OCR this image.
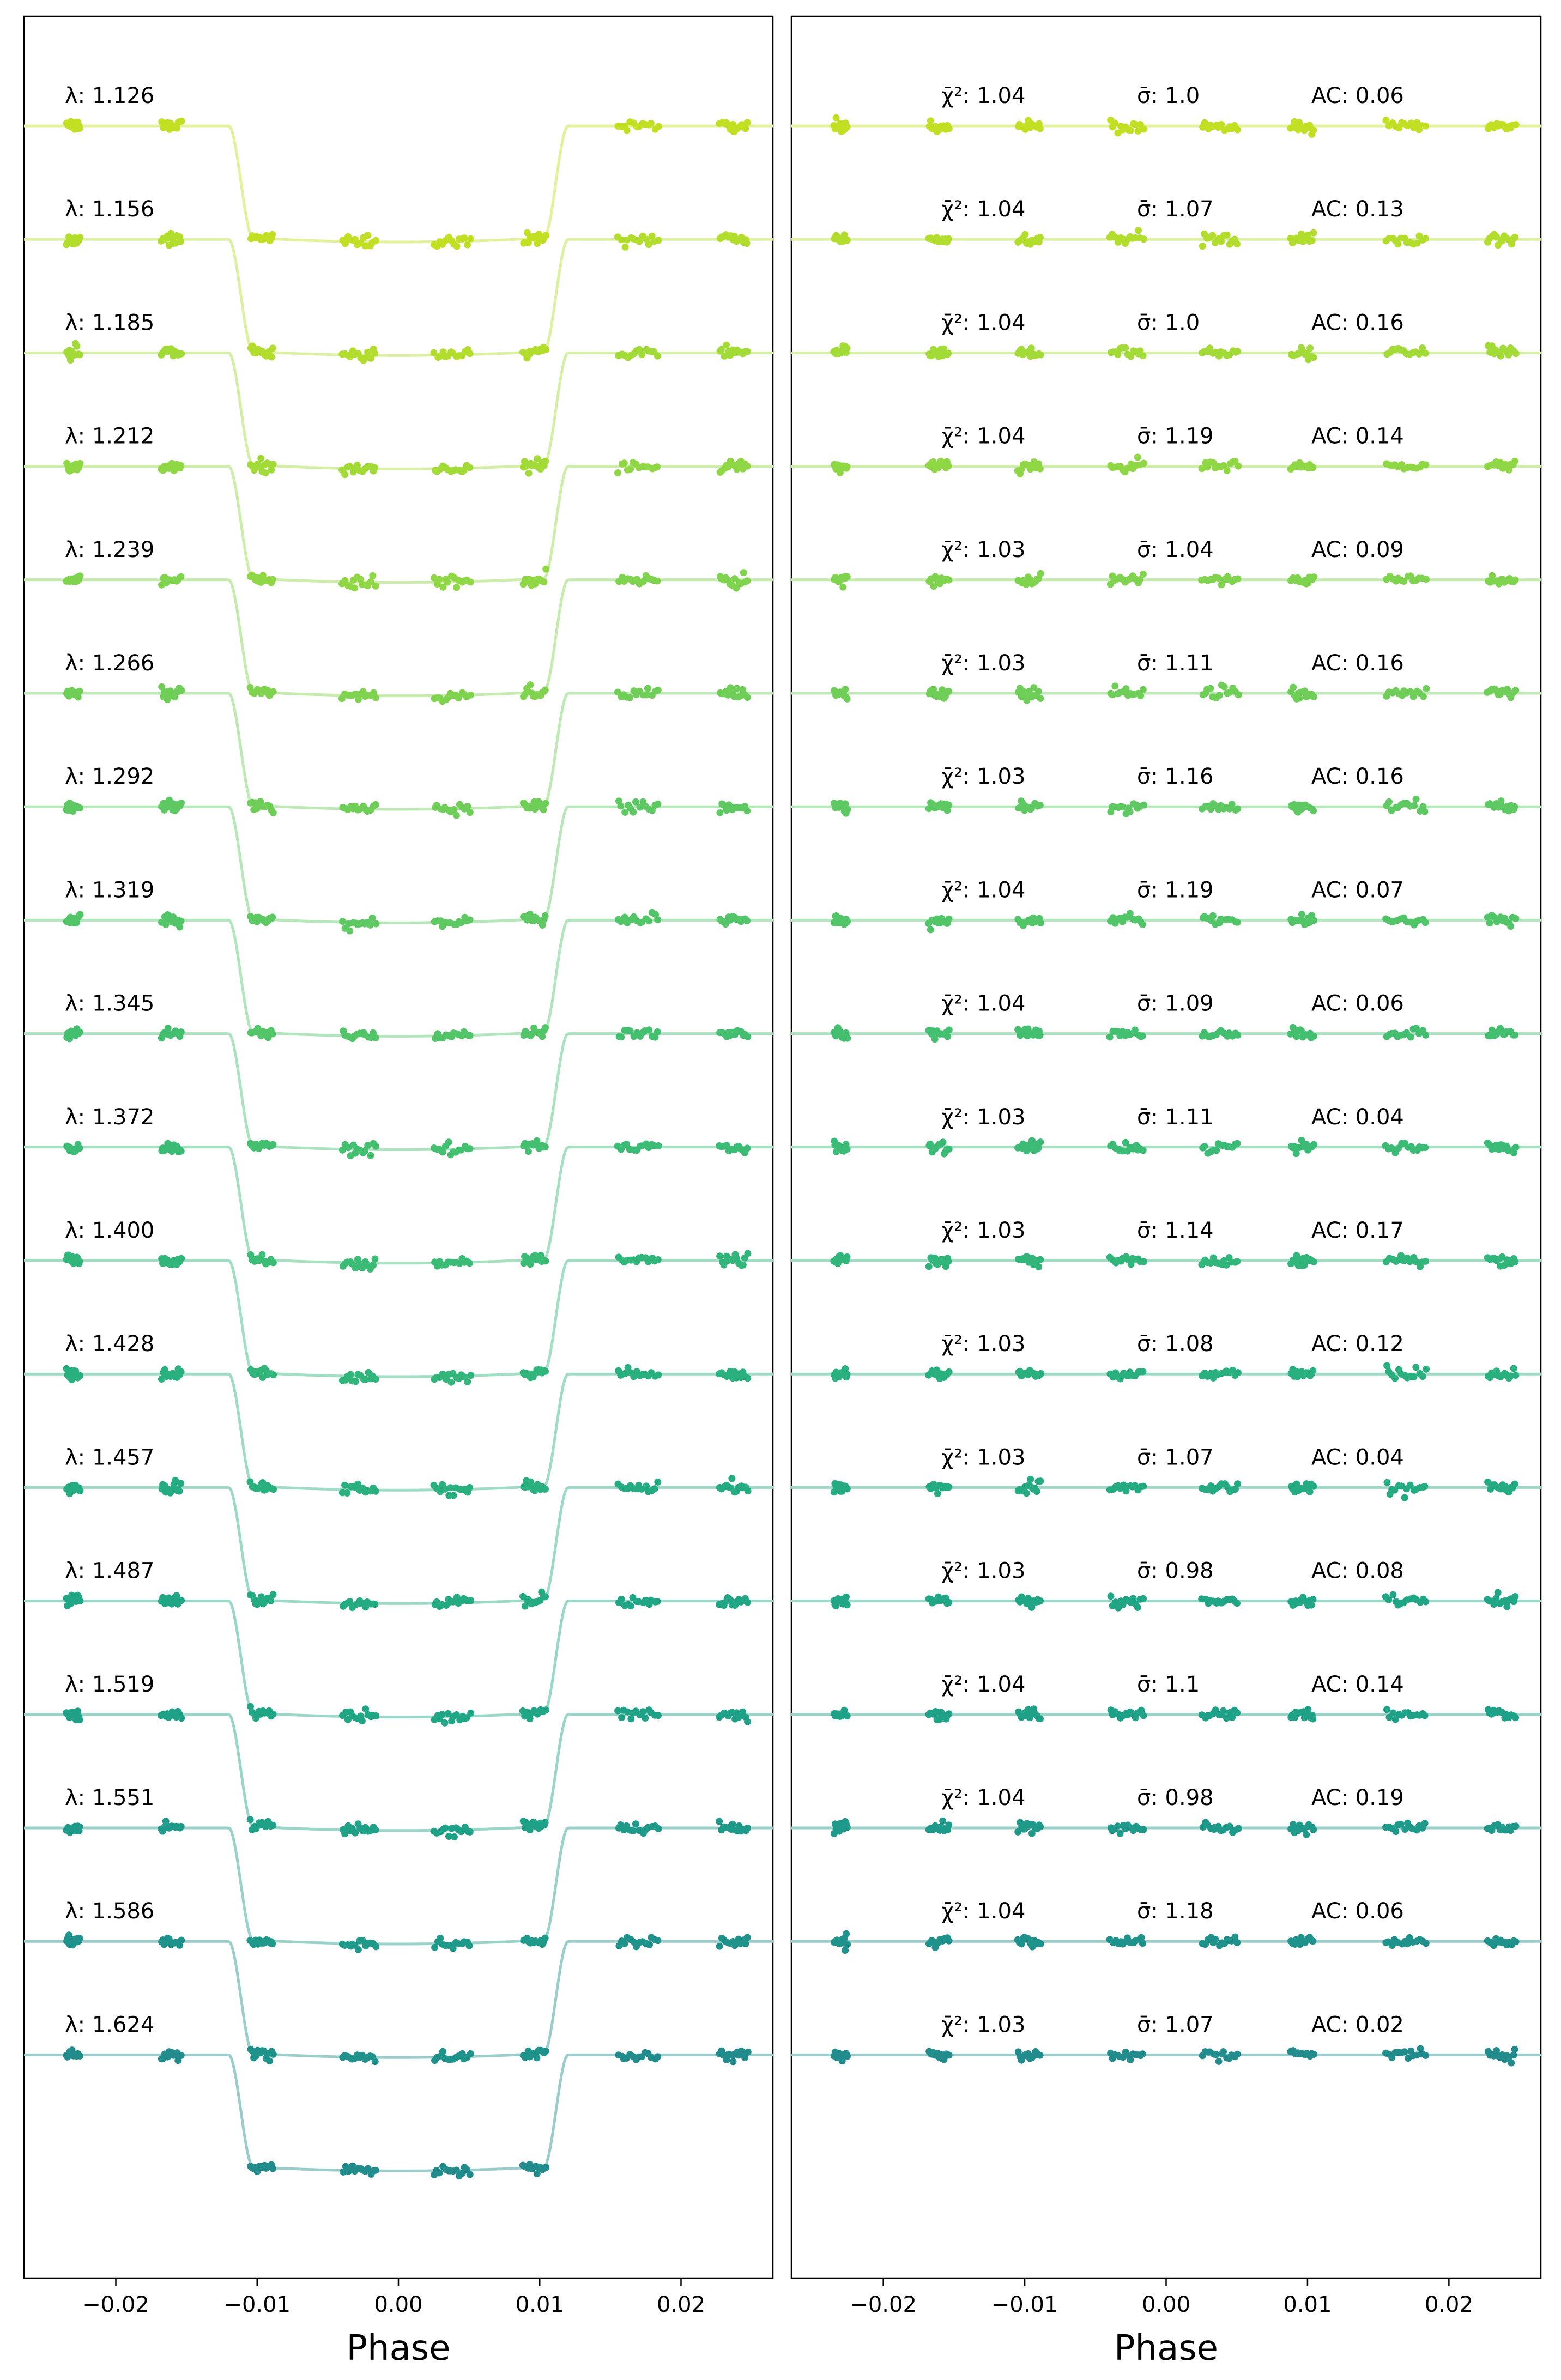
−0.02	−0.01	0.00	0.01	0.02
Phase
λ: 1.126
λ: 1.156
λ: 1.185
λ: 1.212
λ: 1.239
λ: 1.266
λ: 1.292
λ: 1.319
λ: 1.345
λ: 1.372
λ: 1.400
λ: 1.428
λ: 1.457
λ: 1.487
λ: 1.519
λ: 1.551
λ: 1.586
λ: 1.624
−0.02	−0.01	0.00	0.01	0.02
Phase
χ̄²: 1.04	σ̄: 1.0	AC: 0.06
χ̄²: 1.04	σ̄: 1.07	AC: 0.13
χ̄²: 1.04	σ̄: 1.0	AC: 0.16
χ̄²: 1.04	σ̄: 1.19	AC: 0.14
χ̄²: 1.03	σ̄: 1.04	AC: 0.09
χ̄²: 1.03	σ̄: 1.11	AC: 0.16
χ̄²: 1.03	σ̄: 1.16	AC: 0.16
χ̄²: 1.04	σ̄: 1.19	AC: 0.07
χ̄²: 1.04	σ̄: 1.09	AC: 0.06
χ̄²: 1.03	σ̄: 1.11	AC: 0.04
χ̄²: 1.03	σ̄: 1.14	AC: 0.17
χ̄²: 1.03	σ̄: 1.08	AC: 0.12
χ̄²: 1.03	σ̄: 1.07	AC: 0.04
χ̄²: 1.03	σ̄: 0.98	AC: 0.08
χ̄²: 1.04	σ̄: 1.1	AC: 0.14
χ̄²: 1.04	σ̄: 0.98	AC: 0.19
χ̄²: 1.04	σ̄: 1.18	AC: 0.06
χ̄²: 1.03	σ̄: 1.07	AC: 0.02
